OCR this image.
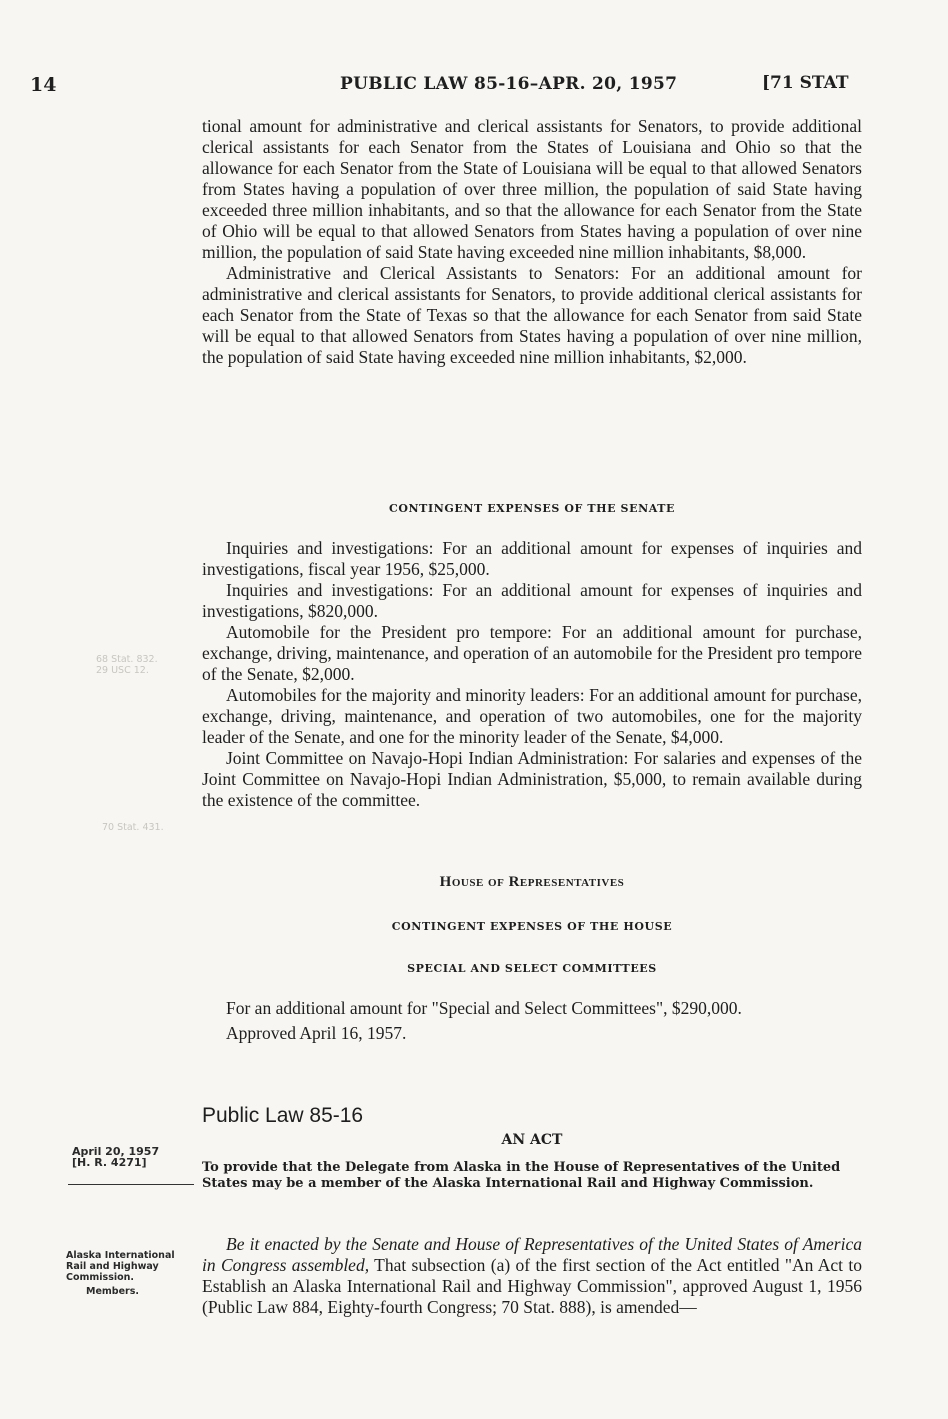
14	PUBLIC LAW 85-16–APR. 20, 1957	[71 STAT

tional amount for administrative and clerical assistants for Senators, to provide additional clerical assistants for each Senator from the States of Louisiana and Ohio so that the allowance for each Senator from the State of Louisiana will be equal to that allowed Senators from States having a population of over three million, the population of said State having exceeded three million inhabitants, and so that the allowance for each Senator from the State of Ohio will be equal to that allowed Senators from States having a population of over nine million, the population of said State having exceeded nine million inhabitants, $8,000.

Administrative and Clerical Assistants to Senators: For an additional amount for administrative and clerical assistants for Senators, to provide additional clerical assistants for each Senator from the State of Texas so that the allowance for each Senator from said State will be equal to that allowed Senators from States having a population of over nine million, the population of said State having exceeded nine million inhabitants, $2,000.

CONTINGENT EXPENSES OF THE SENATE

Inquiries and investigations: For an additional amount for expenses of inquiries and investigations, fiscal year 1956, $25,000.

Inquiries and investigations: For an additional amount for expenses of inquiries and investigations, $820,000.

Automobile for the President pro tempore: For an additional amount for purchase, exchange, driving, maintenance, and operation of an automobile for the President pro tempore of the Senate, $2,000.

Automobiles for the majority and minority leaders: For an additional amount for purchase, exchange, driving, maintenance, and operation of two automobiles, one for the majority leader of the Senate, and one for the minority leader of the Senate, $4,000.

Joint Committee on Navajo-Hopi Indian Administration: For salaries and expenses of the Joint Committee on Navajo-Hopi Indian Administration, $5,000, to remain available during the existence of the committee.

68 Stat. 832.
29 USC 12.
70 Stat. 431.
House of Representatives
CONTINGENT EXPENSES OF THE HOUSE
SPECIAL AND SELECT COMMITTEES

For an additional amount for "Special and Select Committees", $290,000.

Approved April 16, 1957.

Public Law 85-16
AN ACT
April 20, 1957
[H. R. 4271]	To provide that the Delegate from Alaska in the House of Representatives of the United States may be a member of the Alaska International Rail and Highway Commission.

Be it enacted by the Senate and House of Representatives of the United States of America in Congress assembled, That subsection (a) of the first section of the Act entitled "An Act to Establish an Alaska International Rail and Highway Commission", approved August 1, 1956 (Public Law 884, Eighty-fourth Congress; 70 Stat. 888), is amended—

Alaska International Rail and Highway Commission.
Members.
